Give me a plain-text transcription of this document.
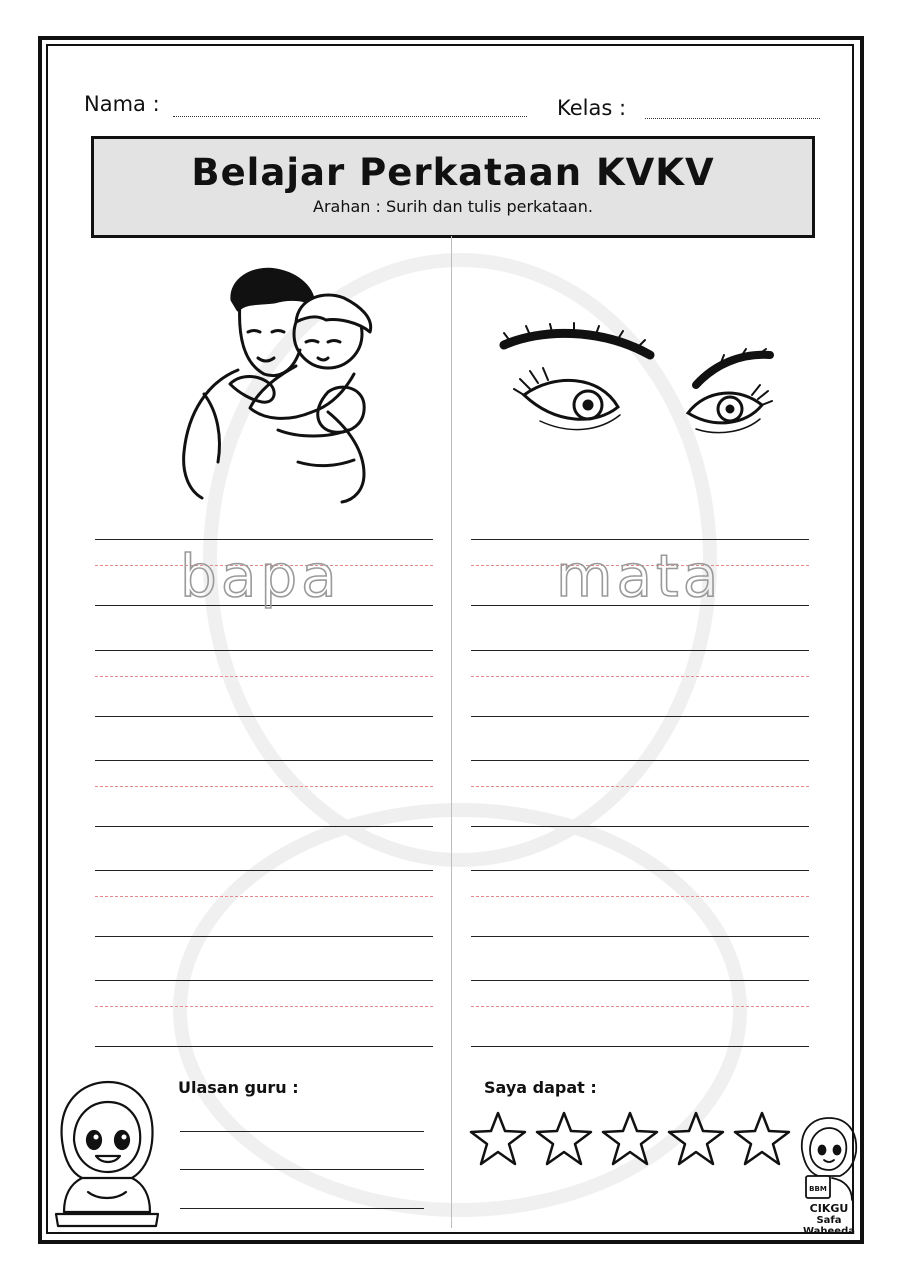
Nama :	Kelas :
Belajar Perkataan KVKV
Arahan : Surih dan tulis perkataan.
bapa	mata
Ulasan guru :	Saya dapat :
BBM
CIKGU
Safa
Waheeda
